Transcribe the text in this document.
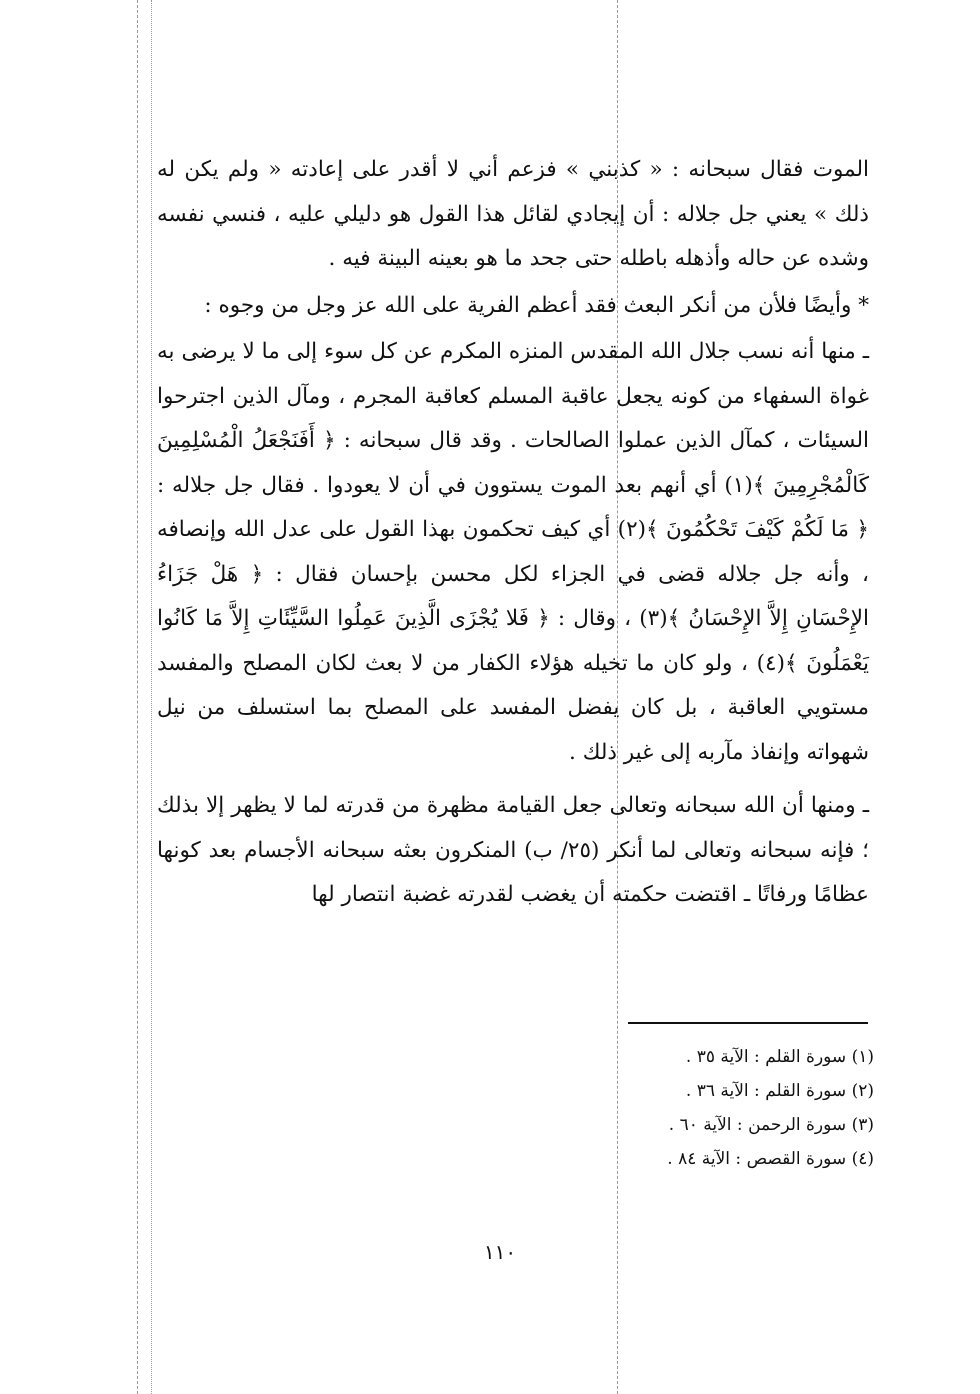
الموت فقال سبحانه : « كذبني » فزعم أني لا أقدر على إعادته « ولم يكن له ذلك » يعني جل جلاله : أن إيجادي لقائل هذا القول هو دليلي عليه ، فنسي نفسه وشده عن حاله وأذهله باطله حتى جحد ما هو بعينه البينة فيه .

* وأيضًا فلأن من أنكر البعث فقد أعظم الفرية على الله عز وجل من وجوه :

ـ منها أنه نسب جلال الله المقدس المنزه المكرم عن كل سوء إلى ما لا يرضى به غواة السفهاء من كونه يجعل عاقبة المسلم كعاقبة المجرم ، ومآل الذين اجترحوا السيئات ، كمآل الذين عملوا الصالحات . وقد قال سبحانه : ﴿ أَفَنَجْعَلُ الْمُسْلِمِينَ كَالْمُجْرِمِينَ ﴾(١) أي أنهم بعد الموت يستوون في أن لا يعودوا . فقال جل جلاله : ﴿ مَا لَكُمْ كَيْفَ تَحْكُمُونَ ﴾(٢) أي كيف تحكمون بهذا القول على عدل الله وإنصافه ، وأنه جل جلاله قضى في الجزاء لكل محسن بإحسان فقال : ﴿ هَلْ جَزَاءُ الإِحْسَانِ إِلاَّ الإِحْسَانُ ﴾(٣) ، وقال : ﴿ فَلا يُجْزَى الَّذِينَ عَمِلُوا السَّيِّئَاتِ إِلاَّ مَا كَانُوا يَعْمَلُونَ ﴾(٤) ، ولو كان ما تخيله هؤلاء الكفار من لا بعث لكان المصلح والمفسد مستويي العاقبة ، بل كان يفضل المفسد على المصلح بما استسلف من نيل شهواته وإنفاذ مآربه إلى غير ذلك .

ـ ومنها أن الله سبحانه وتعالى جعل القيامة مظهرة من قدرته لما لا يظهر إلا بذلك ؛ فإنه سبحانه وتعالى لما أنكر (٢٥/ ب) المنكرون بعثه سبحانه الأجسام بعد كونها عظامًا ورفاتًا ـ اقتضت حكمته أن يغضب لقدرته غضبة انتصار لها

(١) سورة القلم : الآية ٣٥ .
(٢) سورة القلم : الآية ٣٦ .
(٣) سورة الرحمن : الآية ٦٠ .
(٤) سورة القصص : الآية ٨٤ .
١١٠
